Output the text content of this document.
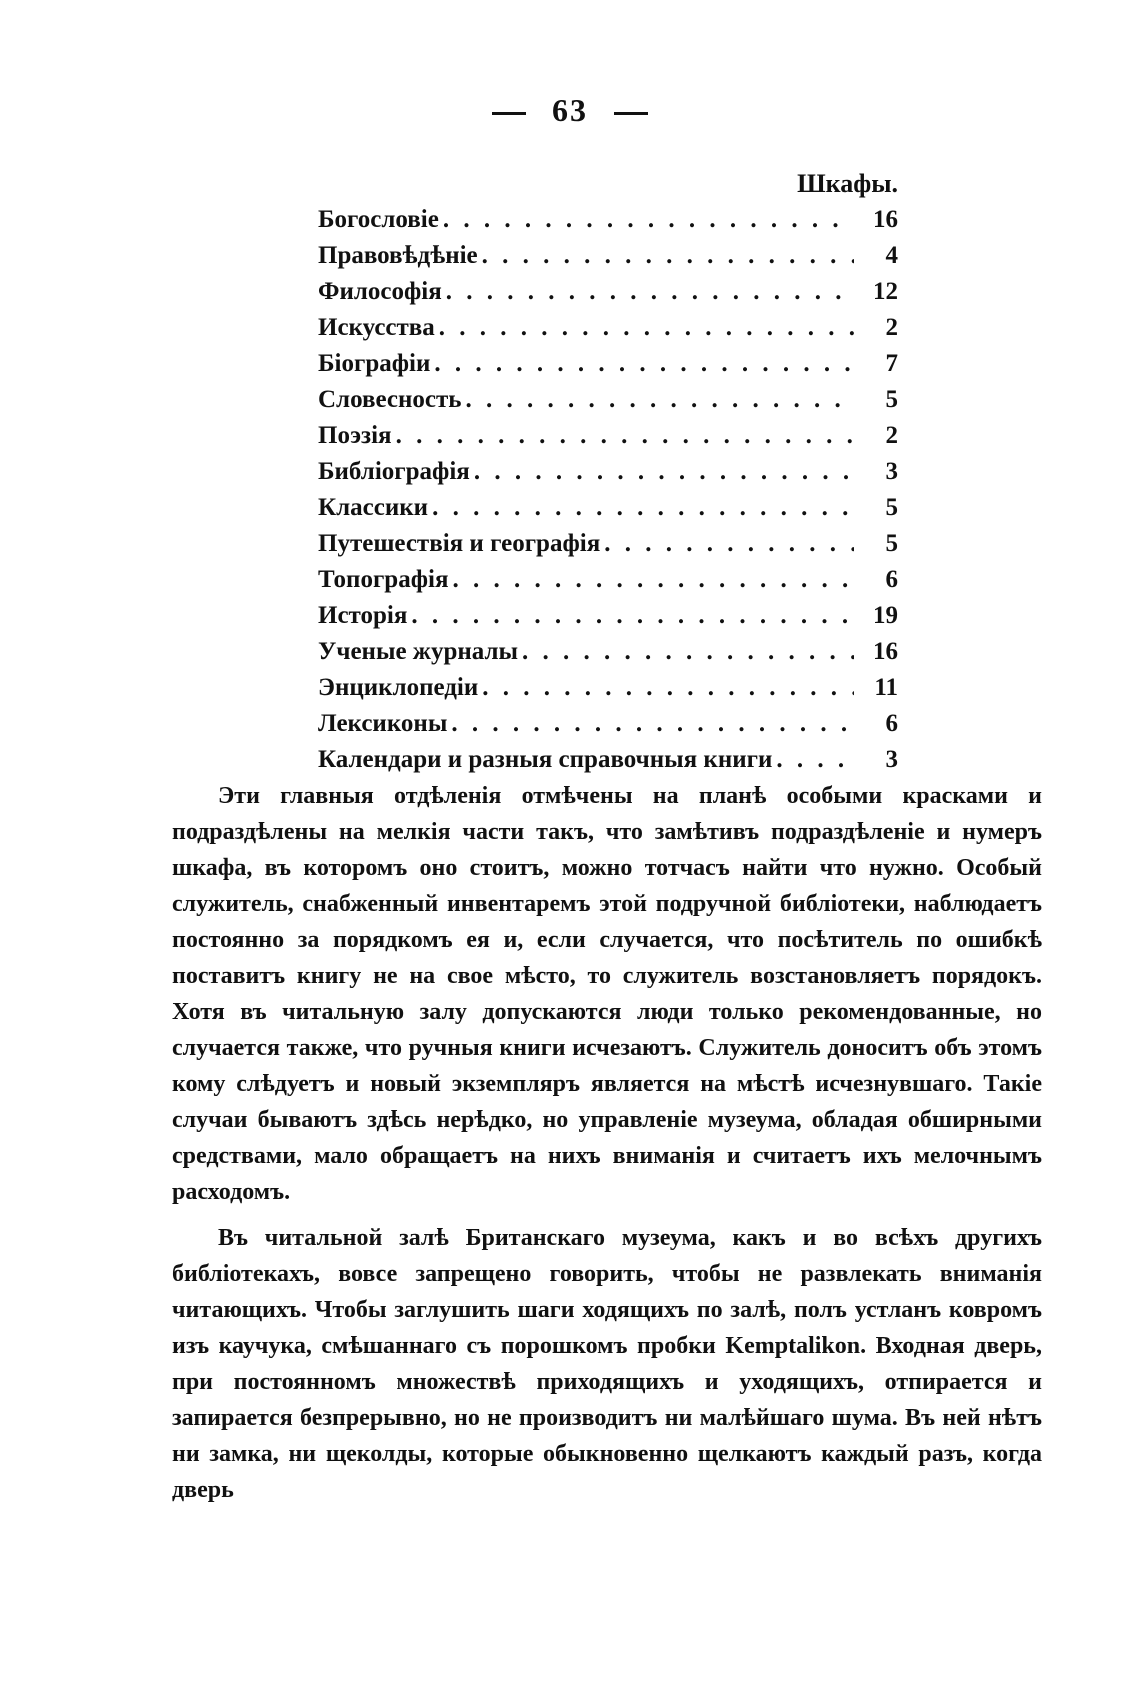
63
Шкафы.
Богословіе . . .	16
Правовѣдѣніе . . .	4
Философія . . .	12
Искусства . . .	2
Біографіи . . .	7
Словесность . . .	5
Поэзія . . .	2
Библіографія . . .	3
Классики . . .	5
Путешествія и географія . . .	5
Топографія . . .	6
Исторія . . .	19
Ученые журналы . . .	16
Энциклопедіи . . .	11
Лексиконы . . .	6
Календари и разныя справочныя книги . . .	3

Эти главныя отдѣленія отмѣчены на планѣ особыми красками и подраздѣлены на мелкія части такъ, что замѣтивъ подраздѣленіе и нумеръ шкафа, въ которомъ оно стоитъ, можно тотчасъ найти что нужно. Особый служитель, снабженный инвентаремъ этой подручной библіотеки, наблюдаетъ постоянно за порядкомъ ея и, если случается, что посѣтитель по ошибкѣ поставитъ книгу не на свое мѣсто, то служитель возстановляетъ порядокъ. Хотя въ читальную залу допускаются люди только рекомендованные, но случается также, что ручныя книги исчезаютъ. Служитель доноситъ объ этомъ кому слѣдуетъ и новый экземпляръ является на мѣстѣ исчезнувшаго. Такіе случаи бываютъ здѣсь нерѣдко, но управленіе музеума, обладая обширными средствами, мало обращаетъ на нихъ вниманія и считаетъ ихъ мелочнымъ расходомъ.

Въ читальной залѣ Британскаго музеума, какъ и во всѣхъ другихъ библіотекахъ, вовсе запрещено говорить, чтобы не развлекать вниманія читающихъ. Чтобы заглушить шаги ходящихъ по залѣ, полъ устланъ ковромъ изъ каучука, смѣшаннаго съ порошкомъ пробки Kemptalikon. Входная дверь, при постоянномъ множествѣ приходящихъ и уходящихъ, отпирается и запирается безпрерывно, но не производитъ ни малѣйшаго шума. Въ ней нѣтъ ни замка, ни щеколды, которые обыкновенно щелкаютъ каждый разъ, когда дверь
